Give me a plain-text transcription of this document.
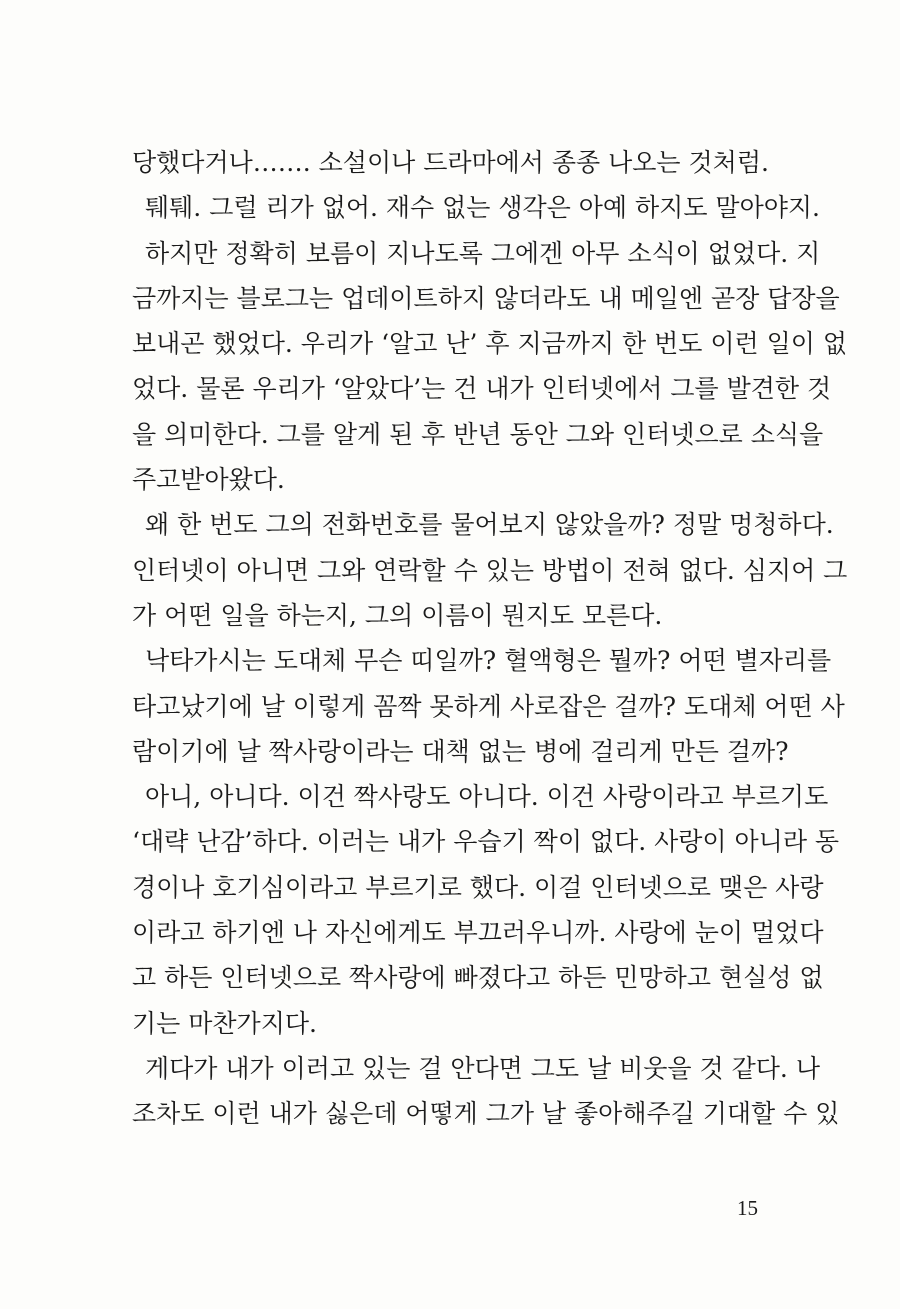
당했다거나……. 소설이나 드라마에서 종종 나오는 것처럼.
퉤퉤. 그럴 리가 없어. 재수 없는 생각은 아예 하지도 말아야지.
하지만 정확히 보름이 지나도록 그에겐 아무 소식이 없었다. 지
금까지는 블로그는 업데이트하지 않더라도 내 메일엔 곧장 답장을
보내곤 했었다. 우리가 ‘알고 난’ 후 지금까지 한 번도 이런 일이 없
었다. 물론 우리가 ‘알았다’는 건 내가 인터넷에서 그를 발견한 것
을 의미한다. 그를 알게 된 후 반년 동안 그와 인터넷으로 소식을
주고받아왔다.
왜 한 번도 그의 전화번호를 물어보지 않았을까? 정말 멍청하다.
인터넷이 아니면 그와 연락할 수 있는 방법이 전혀 없다. 심지어 그
가 어떤 일을 하는지, 그의 이름이 뭔지도 모른다.
낙타가시는 도대체 무슨 띠일까? 혈액형은 뭘까? 어떤 별자리를
타고났기에 날 이렇게 꼼짝 못하게 사로잡은 걸까? 도대체 어떤 사
람이기에 날 짝사랑이라는 대책 없는 병에 걸리게 만든 걸까?
아니, 아니다. 이건 짝사랑도 아니다. 이건 사랑이라고 부르기도
‘대략 난감’하다. 이러는 내가 우습기 짝이 없다. 사랑이 아니라 동
경이나 호기심이라고 부르기로 했다. 이걸 인터넷으로 맺은 사랑
이라고 하기엔 나 자신에게도 부끄러우니까. 사랑에 눈이 멀었다
고 하든 인터넷으로 짝사랑에 빠졌다고 하든 민망하고 현실성 없
기는 마찬가지다.
게다가 내가 이러고 있는 걸 안다면 그도 날 비웃을 것 같다. 나
조차도 이런 내가 싫은데 어떻게 그가 날 좋아해주길 기대할 수 있
15
